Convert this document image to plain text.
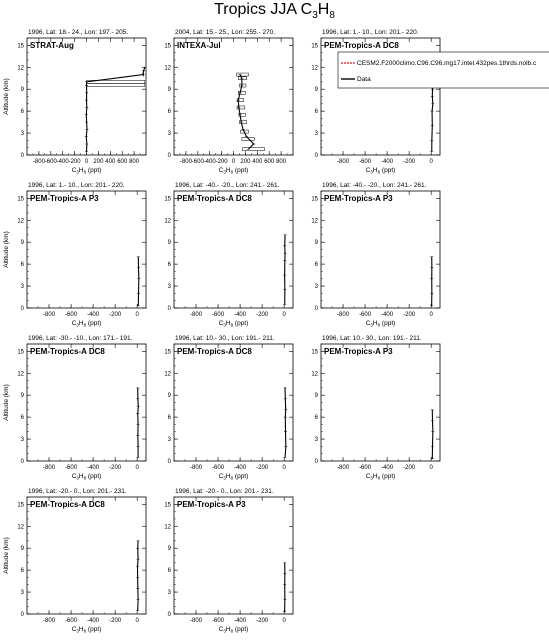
Tropics JJA $C_3H_8$
1996, Lat: 18.- 24., Lon: 197.- 205.
STRAT-Aug
0
3
6
9
12
15
-800 -600 -400 -200 0 200 400 600 800
$C_3H_8$ (ppt)
Altitude (km)
2004, Lat: 15.- 25., Lon: 255.- 270.
INTEXA-Jul
0
3
6
9
12
15
-800 -600 -400 -200 0 200 400 600 800
$C_3H_8$ (ppt)
1996, Lat: 1.- 10., Lon: 201.- 220.
PEM-Tropics-A DC8
0
3
6
9
12
15
-800 -600 -400 -200 0
$C_3H_8$ (ppt)
CESM2.F2000climo.C96.C96.mg17.intel.432pes.1thrds.nolb.c
Data
1996, Lat: 1.- 10., Lon: 201.- 220.
PEM-Tropics-A P3
0
3
6
9
12
15
-800 -600 -400 -200 0
$C_3H_8$ (ppt)
Altitude (km)
1996, Lat: -40.- -20., Lon: 241.- 261.
PEM-Tropics-A DC8
0
3
6
9
12
15
-800 -600 -400 -200 0
$C_3H_8$ (ppt)
1996, Lat: -40.- -20., Lon: 241.- 261.
PEM-Tropics-A P3
0
3
6
9
12
15
-800 -600 -400 -200 0
$C_3H_8$ (ppt)
1996, Lat: -30.- -10., Lon: 171.- 191.
PEM-Tropics-A DC8
0
3
6
9
12
15
-800 -600 -400 -200 0
$C_3H_8$ (ppt)
Altitude (km)
1996, Lat: 10.- 30., Lon: 191.- 211.
PEM-Tropics-A DC8
0
3
6
9
12
15
-800 -600 -400 -200 0
$C_3H_8$ (ppt)
1996, Lat: 10.- 30., Lon: 191.- 211.
PEM-Tropics-A P3
0
3
6
9
12
15
-800 -600 -400 -200 0
$C_3H_8$ (ppt)
1996, Lat: -20.- 0., Lon: 201.- 231.
PEM-Tropics-A DC8
0
3
6
9
12
15
-800 -600 -400 -200 0
$C_3H_8$ (ppt)
Altitude (km)
1996, Lat: -20.- 0., Lon: 201.- 231.
PEM-Tropics-A P3
0
3
6
9
12
15
-800 -600 -400 -200 0
$C_3H_8$ (ppt)
